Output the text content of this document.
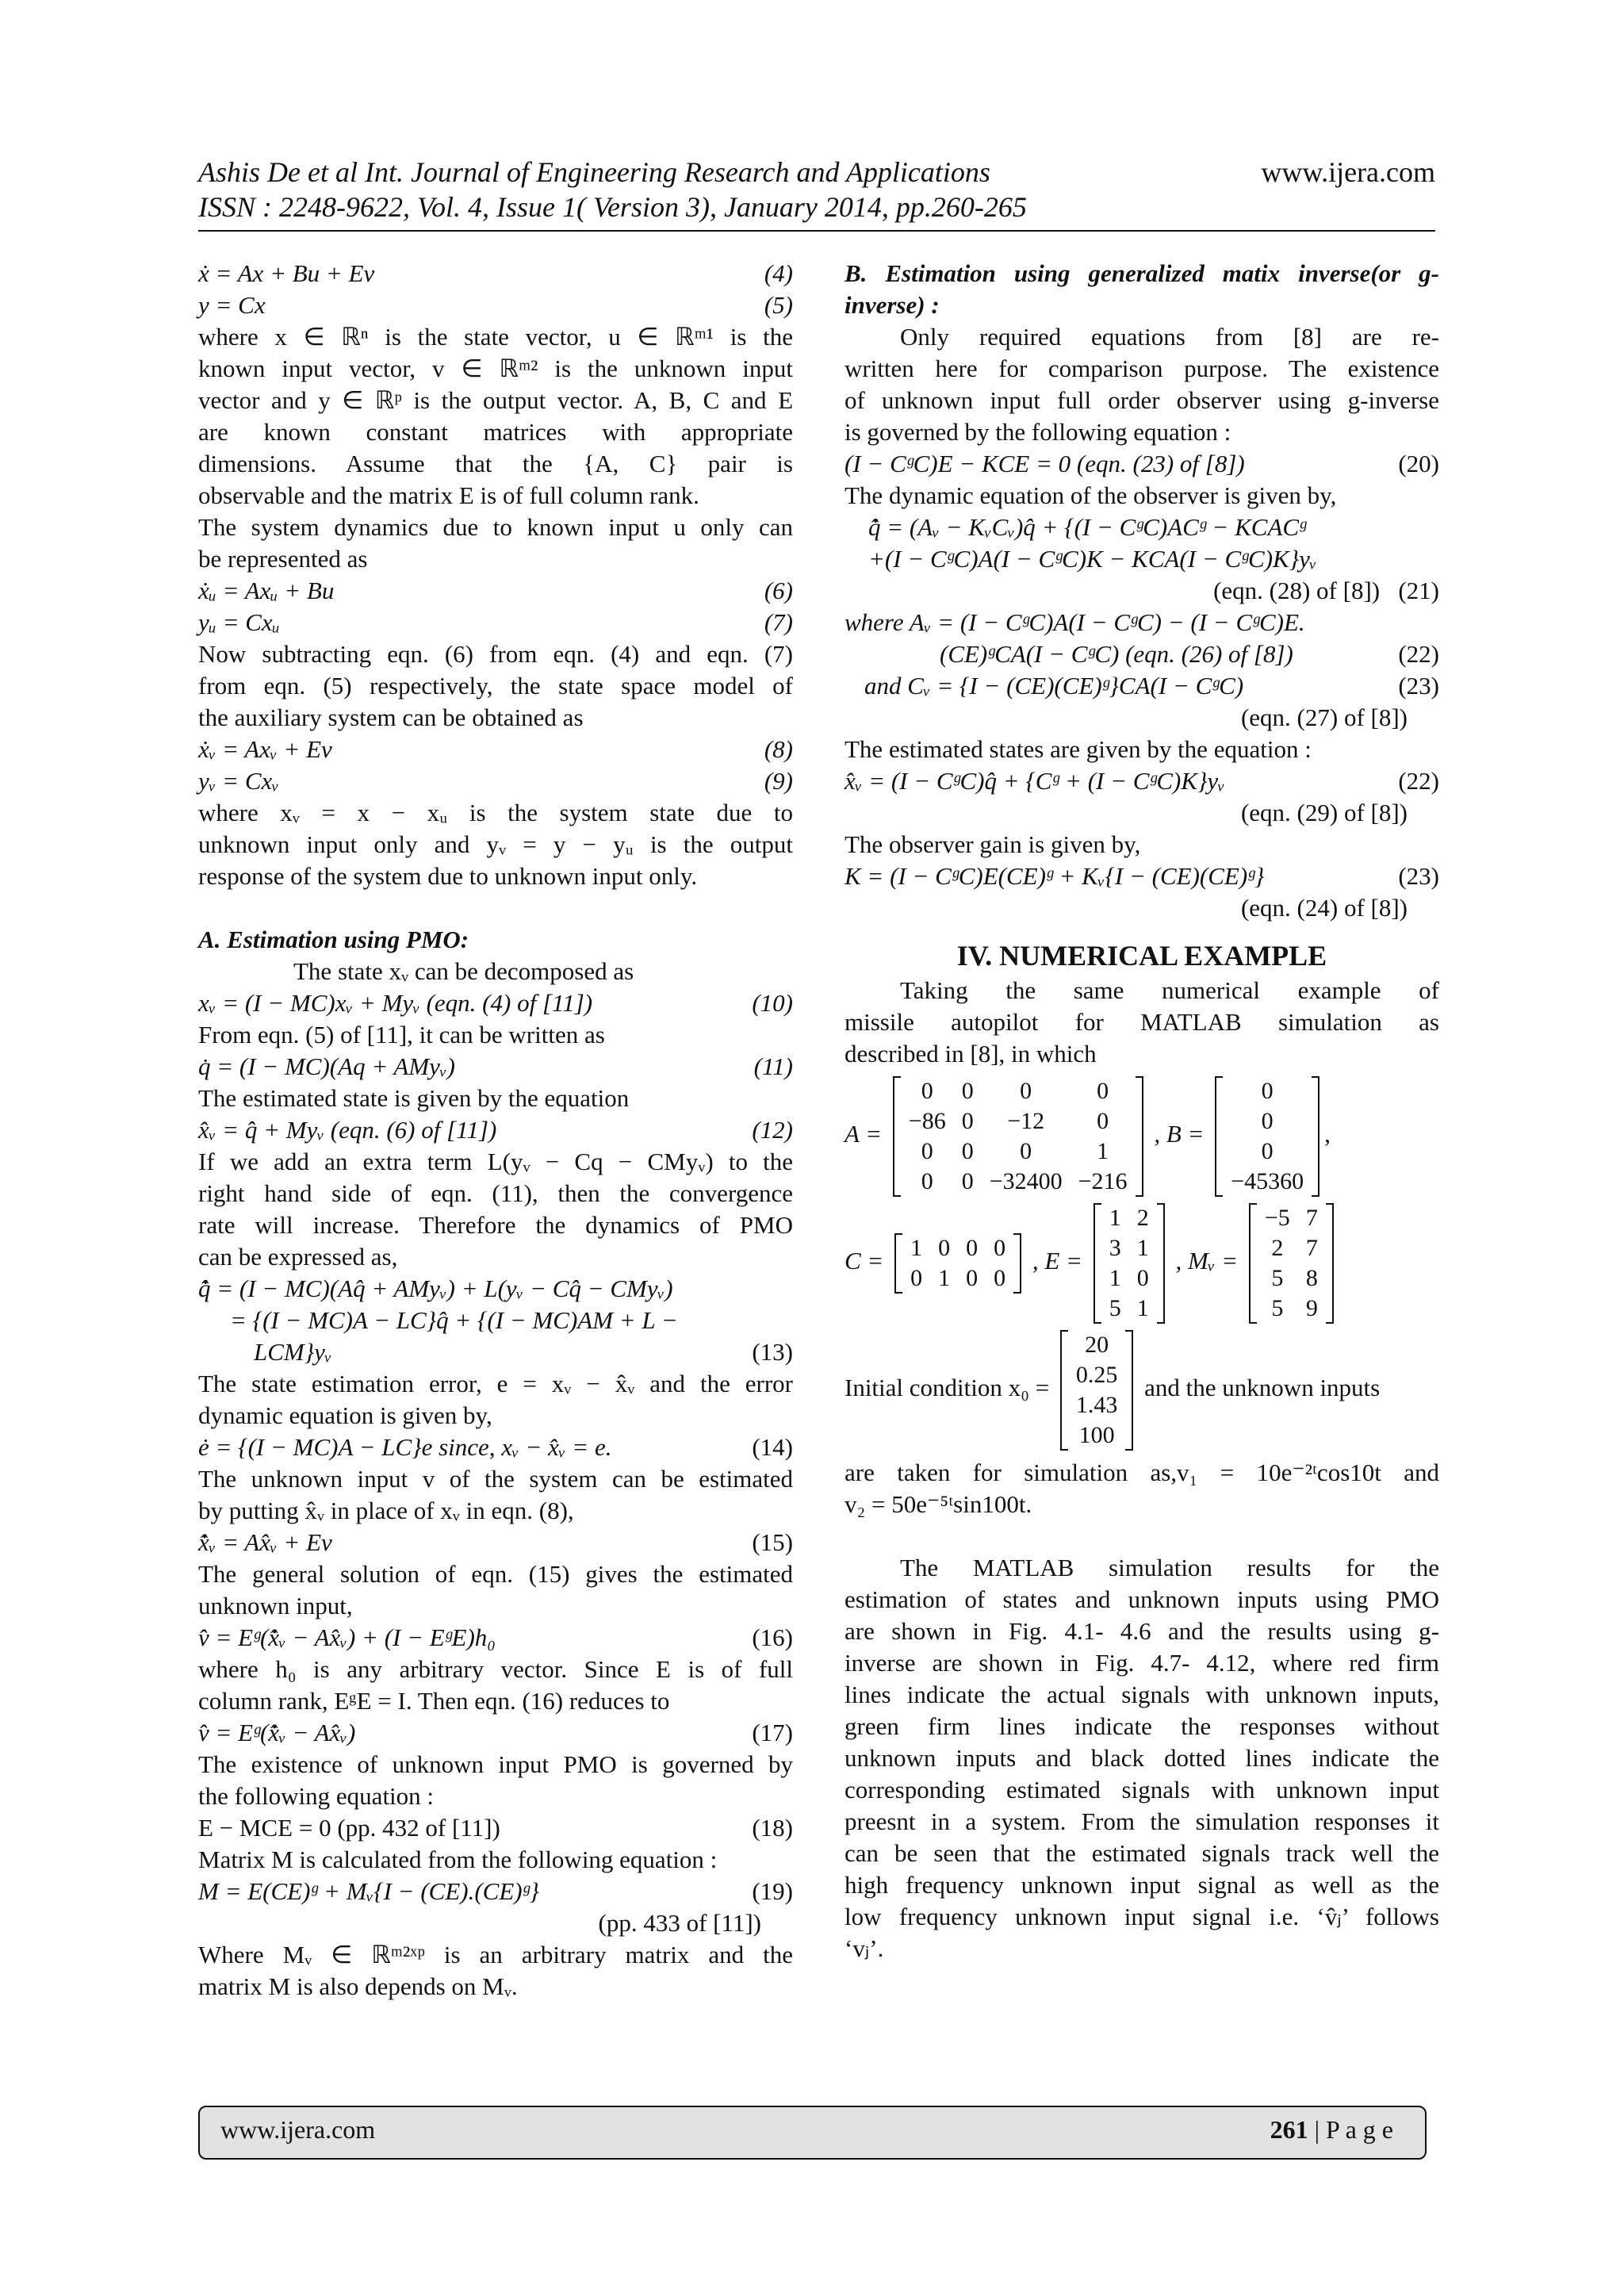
Ashis De et al Int. Journal of Engineering Research and Applications	www.ijera.com
ISSN : 2248-9622, Vol. 4, Issue 1( Version 3), January 2014, pp.260-265
ẋ = Ax + Bu + Ev	(4)
y = Cx	(5)
where x ∈ ℝⁿ is the state vector, u ∈ ℝᵐ¹ is the
known input vector, v ∈ ℝᵐ² is the unknown input
vector and y ∈ ℝᵖ is the output vector. A, B, C and E
are known constant matrices with appropriate
dimensions. Assume that the {A, C} pair is
observable and the matrix E is of full column rank.
The system dynamics due to known input u only can
be represented as
ẋᵤ = Axᵤ + Bu	(6)
yᵤ = Cxᵤ	(7)
Now subtracting eqn. (6) from eqn. (4) and eqn. (7)
from eqn. (5) respectively, the state space model of
the auxiliary system can be obtained as
ẋᵥ = Axᵥ + Ev	(8)
yᵥ = Cxᵥ	(9)
where xᵥ = x − xᵤ is the system state due to
unknown input only and yᵥ = y − yᵤ is the output
response of the system due to unknown input only.
A. Estimation using PMO:
The state xᵥ can be decomposed as
xᵥ = (I − MC)xᵥ + Myᵥ (eqn. (4) of [11])	(10)
From eqn. (5) of [11], it can be written as
q̇ = (I − MC)(Aq + AMyᵥ)	(11)
The estimated state is given by the equation
x̂ᵥ = q̂ + Myᵥ (eqn. (6) of [11])	(12)
If we add an extra term L(yᵥ − Cq − CMyᵥ) to the
right hand side of eqn. (11), then the convergence
rate will increase. Therefore the dynamics of PMO
can be expressed as,
q̂̇ = (I − MC)(Aq̂ + AMyᵥ) + L(yᵥ − Cq̂ − CMyᵥ)
= {(I − MC)A − LC}q̂ + {(I − MC)AM + L −
LCM}yᵥ	(13)
The state estimation error, e = xᵥ − x̂ᵥ and the error
dynamic equation is given by,
ė = {(I − MC)A − LC}e since, xᵥ − x̂ᵥ = e.	(14)
The unknown input v of the system can be estimated
by putting x̂ᵥ in place of xᵥ in eqn. (8),
x̂̇ᵥ = Ax̂ᵥ + Ev	(15)
The general solution of eqn. (15) gives the estimated
unknown input,
v̂ = Eᵍ(x̂̇ᵥ − Ax̂ᵥ) + (I − EᵍE)h₀	(16)
where h₀ is any arbitrary vector. Since E is of full
column rank, EᵍE = I. Then eqn. (16) reduces to
v̂ = Eᵍ(x̂̇ᵥ − Ax̂ᵥ)	(17)
The existence of unknown input PMO is governed by
the following equation :
E − MCE = 0 (pp. 432 of [11])	(18)
Matrix M is calculated from the following equation :
M = E(CE)ᵍ + Mᵥ{I − (CE).(CE)ᵍ}	(19)
(pp. 433 of [11])
Where Mᵥ ∈ ℝᵐ²ˣᵖ is an arbitrary matrix and the
matrix M is also depends on Mᵥ.
B. Estimation using generalized matix inverse(or g-
inverse) :
Only required equations from [8] are re-
written here for comparison purpose. The existence
of unknown input full order observer using g-inverse
is governed by the following equation :
(I − CᵍC)E − KCE = 0 (eqn. (23) of [8])	(20)
The dynamic equation of the observer is given by,
q̂̇ = (Aᵥ − KᵥCᵥ)q̂ + {(I − CᵍC)ACᵍ − KCACᵍ
+(I − CᵍC)A(I − CᵍC)K − KCA(I − CᵍC)K}yᵥ
(eqn. (28) of [8]) (21)
where Aᵥ = (I − CᵍC)A(I − CᵍC) − (I − CᵍC)E.
(CE)ᵍCA(I − CᵍC) (eqn. (26) of [8])	(22)
and Cᵥ = {I − (CE)(CE)ᵍ}CA(I − CᵍC)	(23)
(eqn. (27) of [8])
The estimated states are given by the equation :
x̂ᵥ = (I − CᵍC)q̂ + {Cᵍ + (I − CᵍC)K}yᵥ	(22)
(eqn. (29) of [8])
The observer gain is given by,
K = (I − CᵍC)E(CE)ᵍ + Kᵥ{I − (CE)(CE)ᵍ}	(23)
(eqn. (24) of [8])
IV. NUMERICAL EXAMPLE
Taking the same numerical example of
missile autopilot for MATLAB simulation as
described in [8], in which
A =
0	0	0	0
−86	0	−12	0
0	0	0	1
0	0	−32400	−216
, B =
0
0
0
−45360
,
C = 1	0	0	0
0	1	0	0
, E =
1	2
3	1
1	0
5	1
, Mᵥ =
−5	7
2	7
5	8
5	9
Initial condition x₀ =
20
0.25
1.43
100
and the unknown inputs
are taken for simulation as,v₁ = 10e⁻²ᵗcos10t and
v₂ = 50e⁻⁵ᵗsin100t.
The MATLAB simulation results for the
estimation of states and unknown inputs using PMO
are shown in Fig. 4.1- 4.6 and the results using g-
inverse are shown in Fig. 4.7- 4.12, where red firm
lines indicate the actual signals with unknown inputs,
green firm lines indicate the responses without
unknown inputs and black dotted lines indicate the
corresponding estimated signals with unknown input
preesnt in a system. From the simulation responses it
can be seen that the estimated signals track well the
high frequency unknown input signal as well as the
low frequency unknown input signal i.e. ‘v̂ⱼ’ follows
‘vⱼ’.
www.ijera.com	261 | P a g e
